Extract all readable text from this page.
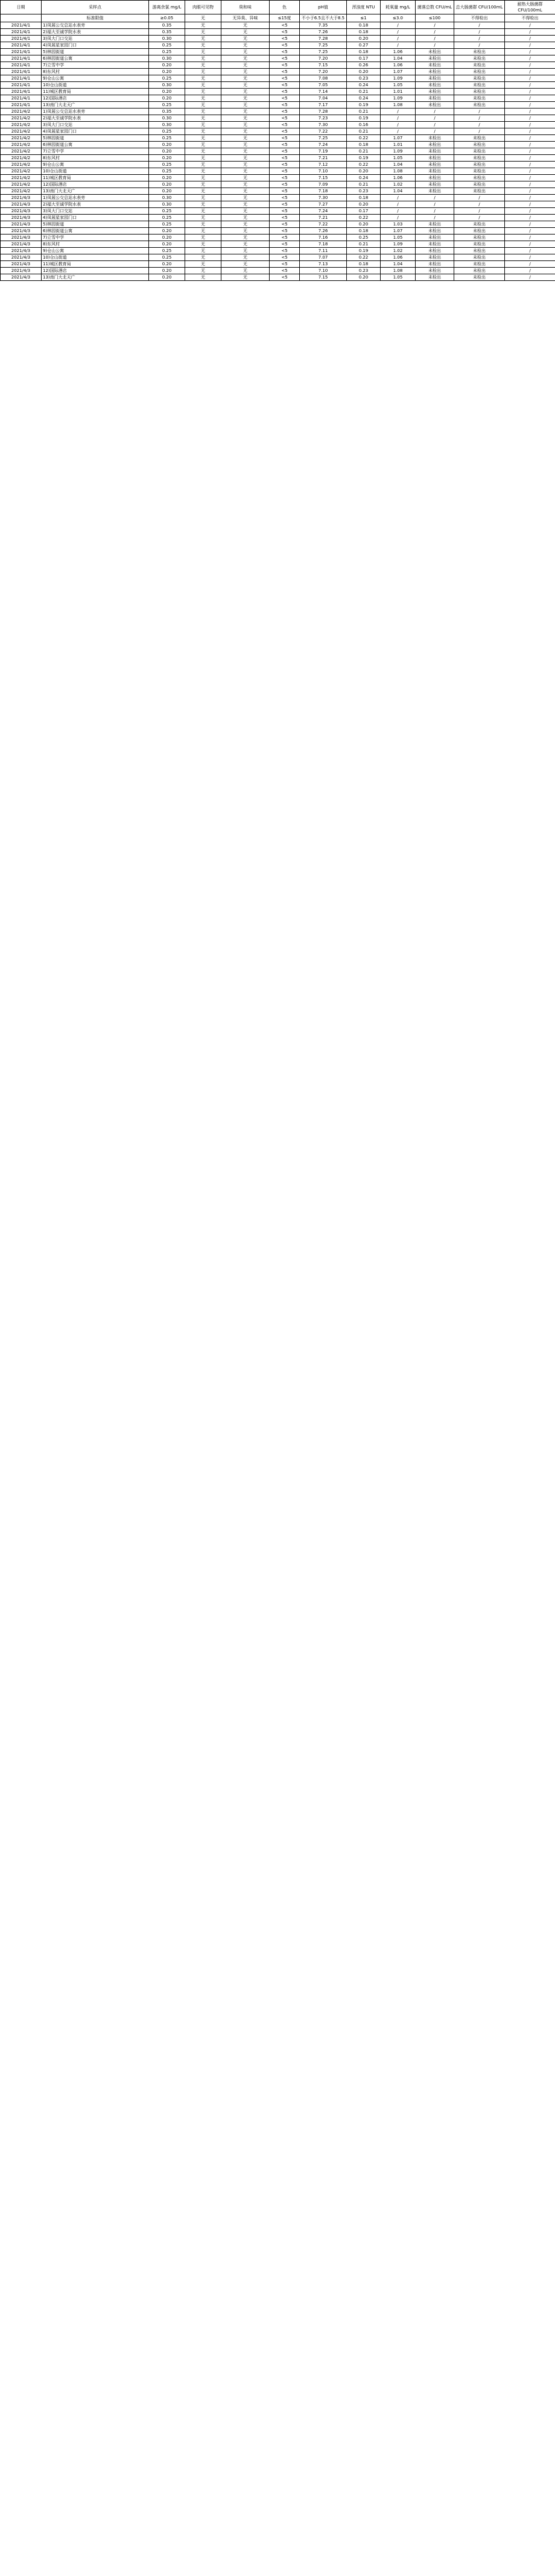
日期	采样点	游离余氯 mg/L	肉眼可见物	臭和味	色	pH值	浑浊度 NTU	耗氧量 mg/L	菌落总数 CFU/mL	总大肠菌群 CFU/100mL	耐热大肠菌群 CFU/100mL
	标准限值	≥0.05	无	无异臭、异味	≤15度	不小于6.5且不大于8.5	≤1	≤3.0	≤100	不得检出	不得检出
2021/4/1	1)凤展公交总站水表旁	0.35	无	无	<5	7.35	0.18	/	/	/	/
2021/4/1	2)福大至诚学院水表	0.35	无	无	<5	7.26	0.18	/	/	/	/
2021/4/1	3)凤大门口交站	0.30	无	无	<5	7.28	0.20	/	/	/	/
2021/4/1	4)凤展星家园门口	0.25	无	无	<5	7.25	0.27	/	/	/	/
2021/4/1	5)林园街道	0.25	无	无	<5	7.25	0.18	1.06	未检出	未检出	/
2021/4/1	6)林园街道公寓	0.30	无	无	<5	7.20	0.17	1.04	未检出	未检出	/
2021/4/1	7)立雪中学	0.20	无	无	<5	7.15	0.26	1.06	未检出	未检出	/
2021/4/1	8)东风村	0.20	无	无	<5	7.20	0.20	1.07	未检出	未检出	/
2021/4/1	9)仓山公寓	0.25	无	无	<5	7.08	0.23	1.09	未检出	未检出	/
2021/4/1	10)仓山街道	0.30	无	无	<5	7.05	0.24	1.05	未检出	未检出	/
2021/4/1	11)城区教育局	0.20	无	无	<5	7.14	0.21	1.01	未检出	未检出	/
2021/4/1	12)国际酒店	0.20	无	无	<5	7.04	0.24	1.09	未检出	未检出	/
2021/4/1	13)南门大北天广	0.25	无	无	<5	7.17	0.19	1.08	未检出	未检出	/
2021/4/2	1)凤展公交总站水表旁	0.35	无	无	<5	7.28	0.21	/	/	/	/
2021/4/2	2)福大至诚学院水表	0.30	无	无	<5	7.23	0.19	/	/	/	/
2021/4/2	3)凤大门口交站	0.30	无	无	<5	7.30	0.16	/	/	/	/
2021/4/2	4)凤展星家园门口	0.25	无	无	<5	7.22	0.21	/	/	/	/
2021/4/2	5)林园街道	0.25	无	无	<5	7.25	0.22	1.07	未检出	未检出	/
2021/4/2	6)林园街道公寓	0.20	无	无	<5	7.24	0.18	1.01	未检出	未检出	/
2021/4/2	7)立雪中学	0.20	无	无	<5	7.19	0.21	1.09	未检出	未检出	/
2021/4/2	8)东风村	0.20	无	无	<5	7.21	0.19	1.05	未检出	未检出	/
2021/4/2	9)仓山公寓	0.25	无	无	<5	7.12	0.22	1.04	未检出	未检出	/
2021/4/2	10)仓山街道	0.25	无	无	<5	7.10	0.20	1.08	未检出	未检出	/
2021/4/2	11)城区教育局	0.20	无	无	<5	7.15	0.24	1.06	未检出	未检出	/
2021/4/2	12)国际酒店	0.20	无	无	<5	7.09	0.21	1.02	未检出	未检出	/
2021/4/2	13)南门大北天广	0.20	无	无	<5	7.18	0.23	1.04	未检出	未检出	/
2021/4/3	1)凤展公交总站水表旁	0.30	无	无	<5	7.30	0.18	/	/	/	/
2021/4/3	2)福大至诚学院水表	0.30	无	无	<5	7.27	0.20	/	/	/	/
2021/4/3	3)凤大门口交站	0.25	无	无	<5	7.24	0.17	/	/	/	/
2021/4/3	4)凤展星家园门口	0.25	无	无	<5	7.21	0.22	/	/	/	/
2021/4/3	5)林园街道	0.25	无	无	<5	7.22	0.20	1.03	未检出	未检出	/
2021/4/3	6)林园街道公寓	0.20	无	无	<5	7.26	0.18	1.07	未检出	未检出	/
2021/4/3	7)立雪中学	0.20	无	无	<5	7.16	0.25	1.05	未检出	未检出	/
2021/4/3	8)东风村	0.20	无	无	<5	7.18	0.21	1.09	未检出	未检出	/
2021/4/3	9)仓山公寓	0.25	无	无	<5	7.11	0.19	1.02	未检出	未检出	/
2021/4/3	10)仓山街道	0.25	无	无	<5	7.07	0.22	1.06	未检出	未检出	/
2021/4/3	11)城区教育局	0.20	无	无	<5	7.13	0.18	1.04	未检出	未检出	/
2021/4/3	12)国际酒店	0.20	无	无	<5	7.10	0.23	1.08	未检出	未检出	/
2021/4/3	13)南门大北天广	0.20	无	无	<5	7.15	0.20	1.05	未检出	未检出	/
